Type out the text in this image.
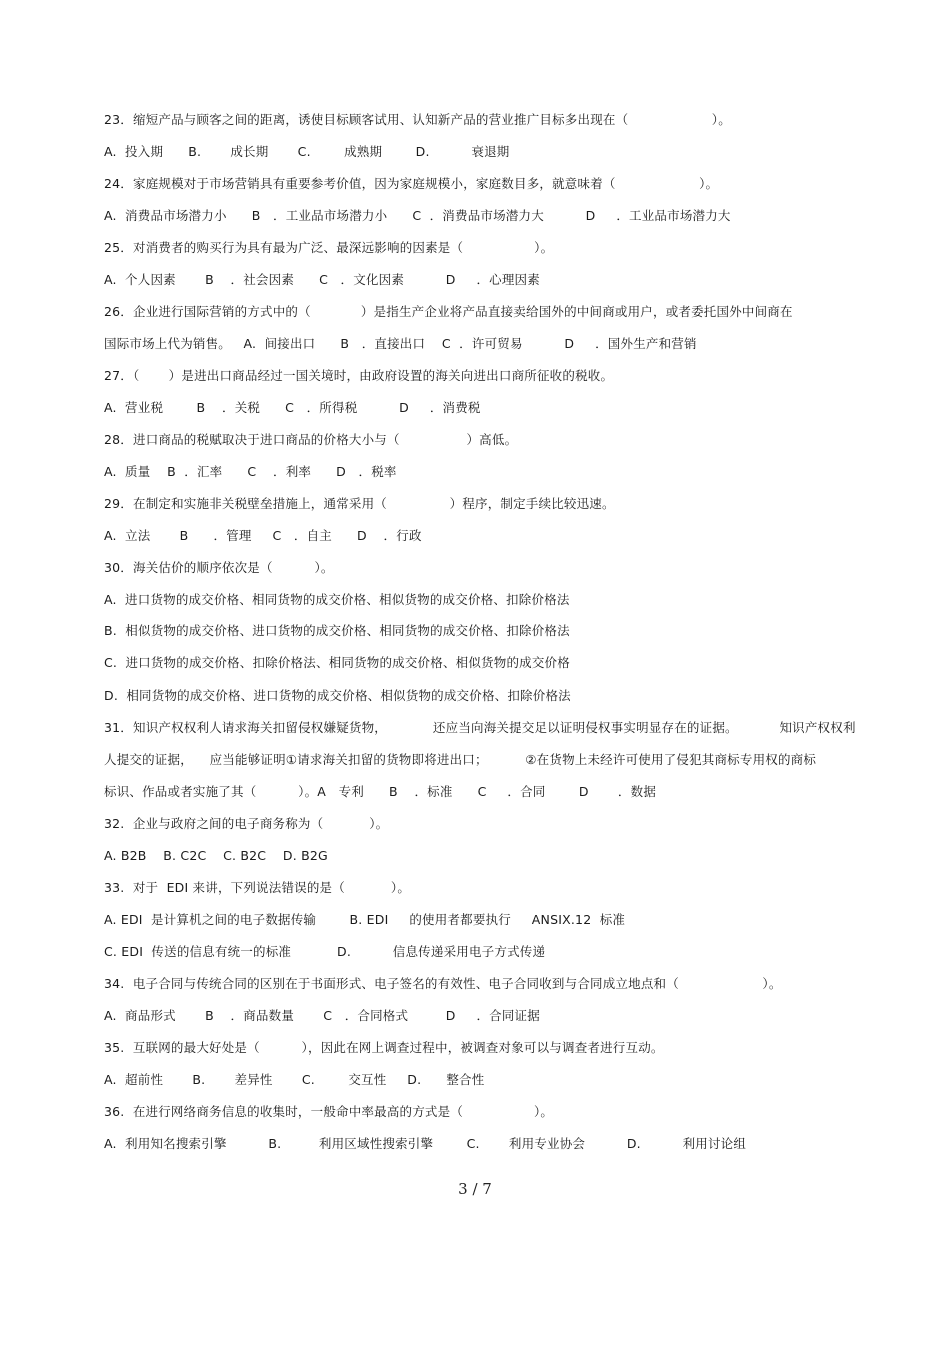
23．缩短产品与顾客之间的距离，诱使目标顾客试用、认知新产品的营业推广目标多出现在（                    ）。
A.  投入期      B.       成长期       C.        成熟期        D.          衰退期
24．家庭规模对于市场营销具有重要参考价值，因为家庭规模小，家庭数目多，就意味着（                    ）。
A.  消费品市场潜力小      B   ．工业品市场潜力小      C  ．消费品市场潜力大          D     ．工业品市场潜力大
25．对消费者的购买行为具有最为广泛、最深远影响的因素是（                 ）。
A.  个人因素       B    ．社会因素      C   ．文化因素          D     ．心理因素
26．企业进行国际营销的方式中的（            ）是指生产企业将产品直接卖给国外的中间商或用户，或者委托国外中间商在
国际市场上代为销售。   A.  间接出口      B   ．直接出口    C  ．许可贸易          D     ．国外生产和营销
27．（       ）是进出口商品经过一国关境时，由政府设置的海关向进出口商所征收的税收。
A.  营业税        B    ．关税      C   ．所得税          D     ．消费税
28．进口商品的税赋取决于进口商品的价格大小与（                ）高低。
A.  质量    B  ．汇率      C    ．利率      D   ．税率
29．在制定和实施非关税壁垒措施上，通常采用（               ）程序，制定手续比较迅速。
A.  立法       B      ．管理     C   ．自主      D    ．行政
30．海关估价的顺序依次是（          ）。
A.  进口货物的成交价格、相同货物的成交价格、相似货物的成交价格、扣除价格法
B.  相似货物的成交价格、进口货物的成交价格、相同货物的成交价格、扣除价格法
C.  进口货物的成交价格、扣除价格法、相同货物的成交价格、相似货物的成交价格
D.  相同货物的成交价格、进口货物的成交价格、相似货物的成交价格、扣除价格法
31．知识产权权利人请求海关扣留侵权嫌疑货物，           还应当向海关提交足以证明侵权事实明显存在的证据。          知识产权权利
人提交的证据，    应当能够证明①请求海关扣留的货物即将进出口；         ②在货物上未经许可使用了侵犯其商标专用权的商标
标识、作品或者实施了其（          ）。A   专利      B    ．标准      C     ．合同        D       ．数据
32.  企业与政府之间的电子商务称为（           ）。
A. B2B    B. C2C    C. B2C    D. B2G
33.  对于  EDI 来讲，下列说法错误的是（           ）。
A. EDI  是计算机之间的电子数据传输        B. EDI     的使用者都要执行     ANSIX.12  标准
C. EDI  传送的信息有统一的标准           D.          信息传递采用电子方式传递
34.  电子合同与传统合同的区别在于书面形式、电子签名的有效性、电子合同收到与合同成立地点和（                    ）。
A.  商品形式       B    ．商品数量       C   ．合同格式         D     ．合同证据
35.  互联网的最大好处是（          ），因此在网上调查过程中，被调查对象可以与调查者进行互动。
A.  超前性       B.       差异性       C.        交互性     D.      整合性
36.  在进行网络商务信息的收集时，一般命中率最高的方式是（                 ）。
A.  利用知名搜索引擎          B.         利用区域性搜索引擎        C.       利用专业协会          D.          利用讨论组
3 / 7
